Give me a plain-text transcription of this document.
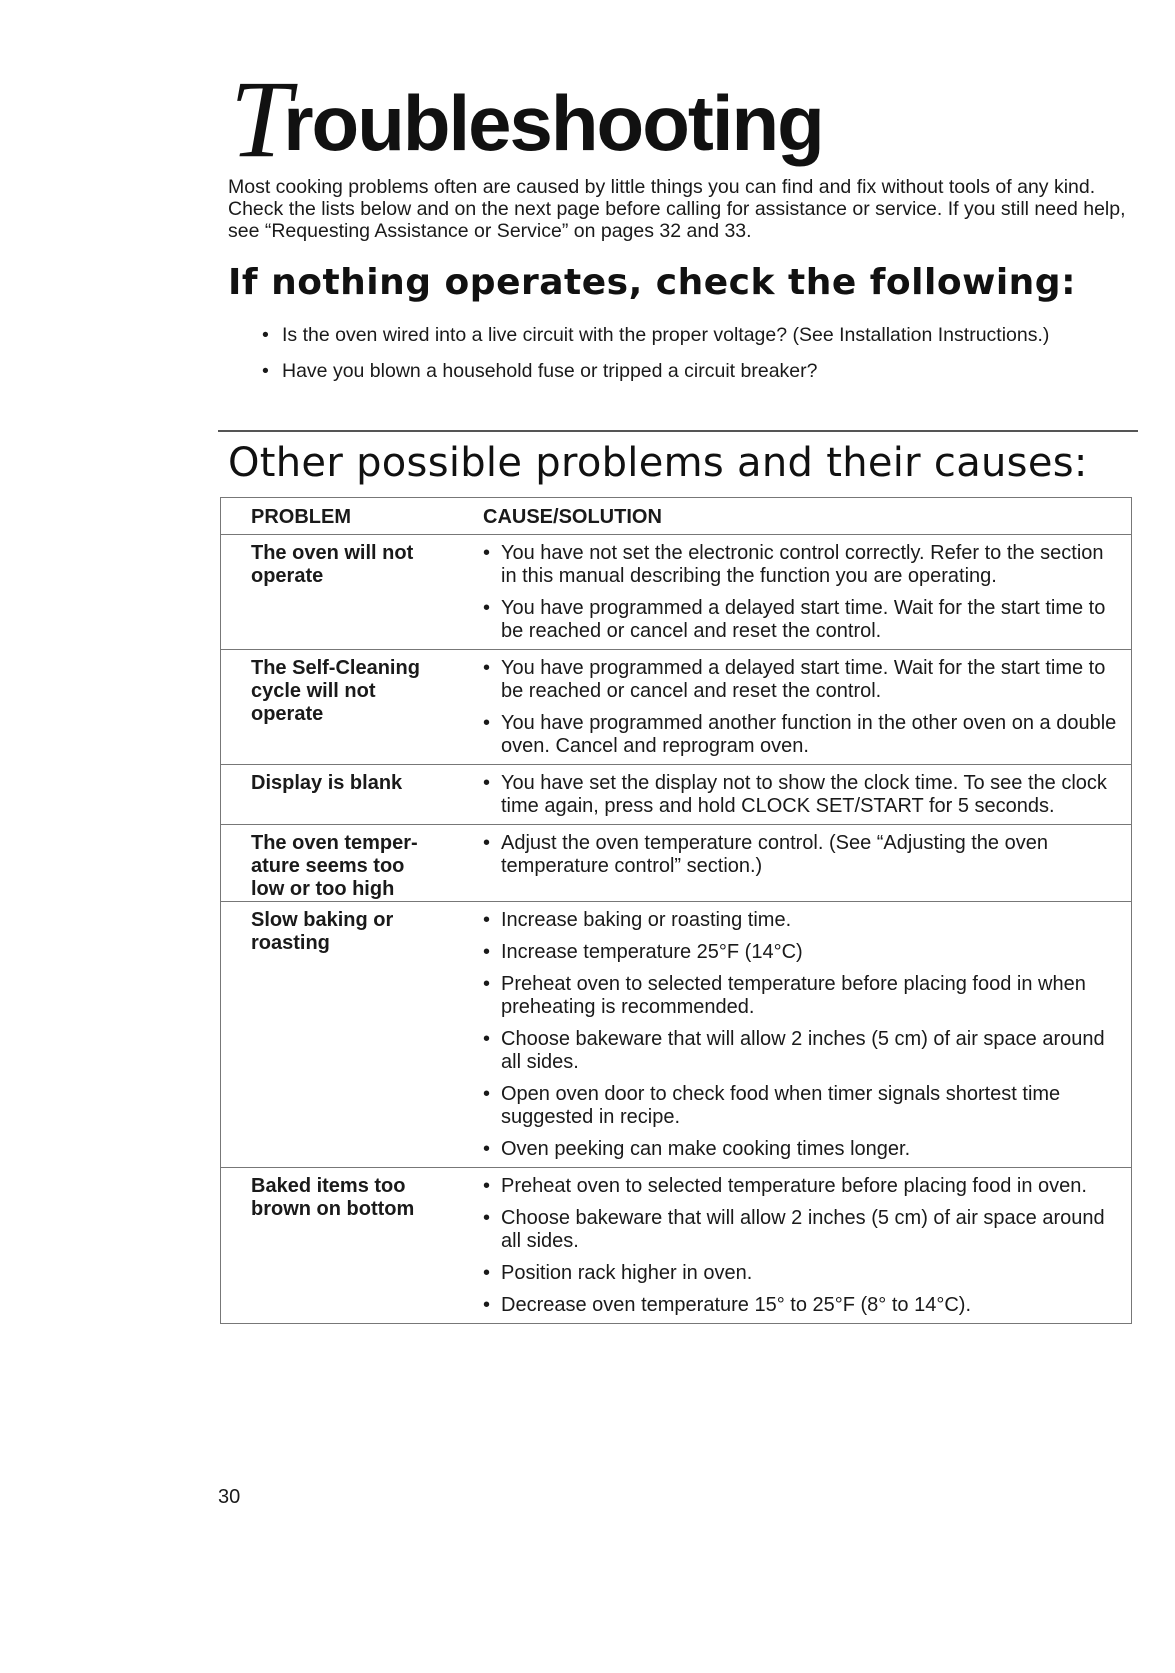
Troubleshooting

Most cooking problems often are caused by little things you can find and fix without tools of any kind. Check the lists below and on the next page before calling for assistance or service. If you still need help, see “Requesting Assistance or Service” on pages 32 and 33.

If nothing operates, check the following:
• Is the oven wired into a live circuit with the proper voltage? (See Installation Instructions.)
• Have you blown a household fuse or tripped a circuit breaker?
Other possible problems and their causes:
PROBLEM	CAUSE/SOLUTION
The oven will not
operate
• You have not set the electronic control correctly. Refer to the section in this manual describing the function you are operating.
• You have programmed a delayed start time. Wait for the start time to be reached or cancel and reset the control.
The Self-Cleaning
cycle will not
operate
• You have programmed a delayed start time. Wait for the start time to be reached or cancel and reset the control.
• You have programmed another function in the other oven on a double oven. Cancel and reprogram oven.
Display is blank
•	You have set the display not to show the clock time. To see the clock time again, press and hold CLOCK SET/START for 5 seconds.
The oven temper-
ature seems too
low or too high
• Adjust the oven temperature control. (See “Adjusting the oven temperature control” section.)
Slow baking or
roasting
• Increase baking or roasting time.
• Increase temperature 25°F (14°C)
• Preheat oven to selected temperature before placing food in when preheating is recommended.
• Choose bakeware that will allow 2 inches (5 cm) of air space around all sides.
• Open oven door to check food when timer signals shortest time suggested in recipe.
• Oven peeking can make cooking times longer.
Baked items too
brown on bottom
• Preheat oven to selected temperature before placing food in oven.
• Choose bakeware that will allow 2 inches (5 cm) of air space around all sides.
• Position rack higher in oven.
• Decrease oven temperature 15° to 25°F (8° to 14°C).
30
